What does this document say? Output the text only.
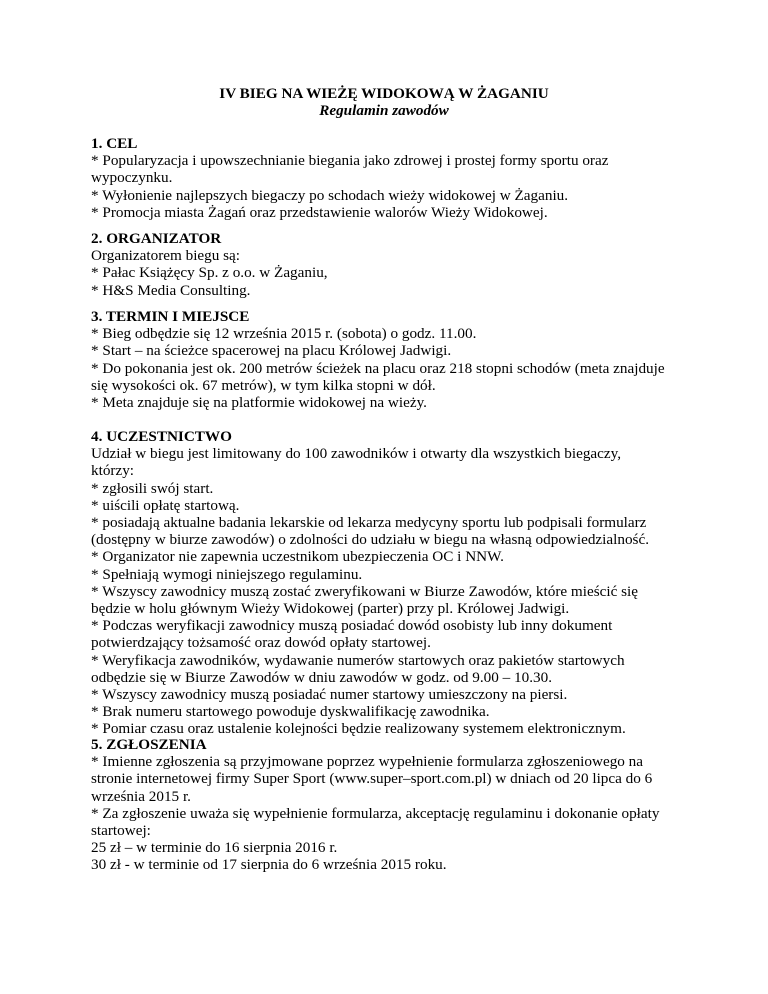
IV BIEG NA WIEŻĘ WIDOKOWĄ W ŻAGANIU
Regulamin zawodów
1. CEL

* Popularyzacja i upowszechnianie biegania jako zdrowej i prostej formy sportu oraz
wypoczynku.
* Wyłonienie najlepszych biegaczy po schodach wieży widokowej w Żaganiu.
* Promocja miasta Żagań oraz przedstawienie walorów Wieży Widokowej.

2. ORGANIZATOR

Organizatorem biegu są:
* Pałac Książęcy Sp. z o.o. w Żaganiu,
* H&S Media Consulting.

3. TERMIN I MIEJSCE

* Bieg odbędzie się 12 września 2015 r. (sobota) o godz. 11.00.
* Start – na ścieżce spacerowej na placu Królowej Jadwigi.
* Do pokonania jest ok. 200 metrów ścieżek na placu oraz 218 stopni schodów (meta znajduje
się wysokości ok. 67 metrów), w tym kilka stopni w dół.
* Meta znajduje się na platformie widokowej na wieży.

4. UCZESTNICTWO

Udział w biegu jest limitowany do 100 zawodników i otwarty dla wszystkich biegaczy,
którzy:
* zgłosili swój start.
* uiścili opłatę startową.
* posiadają aktualne badania lekarskie od lekarza medycyny sportu lub podpisali formularz
(dostępny w biurze zawodów) o zdolności do udziału w biegu na własną odpowiedzialność.
* Organizator nie zapewnia uczestnikom ubezpieczenia OC i NNW.
* Spełniają wymogi niniejszego regulaminu.
* Wszyscy zawodnicy muszą zostać zweryfikowani w Biurze Zawodów, które mieścić się
będzie w holu głównym Wieży Widokowej (parter) przy pl. Królowej Jadwigi.
* Podczas weryfikacji zawodnicy muszą posiadać dowód osobisty lub inny dokument
potwierdzający tożsamość oraz dowód opłaty startowej.
* Weryfikacja zawodników, wydawanie numerów startowych oraz pakietów startowych
odbędzie się w Biurze Zawodów w dniu zawodów w godz. od 9.00 – 10.30.
* Wszyscy zawodnicy muszą posiadać numer startowy umieszczony na piersi.
* Brak numeru startowego powoduje dyskwalifikację zawodnika.
* Pomiar czasu oraz ustalenie kolejności będzie realizowany systemem elektronicznym.

5. ZGŁOSZENIA

* Imienne zgłoszenia są przyjmowane poprzez wypełnienie formularza zgłoszeniowego na
stronie internetowej firmy Super Sport (www.super–sport.com.pl) w dniach od 20 lipca do 6
września 2015 r.
* Za zgłoszenie uważa się wypełnienie formularza, akceptację regulaminu i dokonanie opłaty
startowej:
25 zł – w terminie do 16 sierpnia 2016 r.
30 zł - w terminie od 17 sierpnia do 6 września 2015 roku.
